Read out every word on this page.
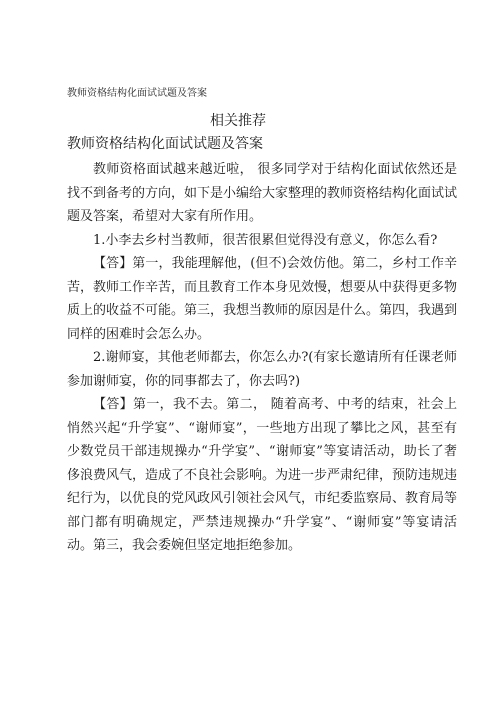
教师资格结构化面试试题及答案
相关推荐
教师资格结构化面试试题及答案

教师资格面试越来越近啦， 很多同学对于结构化面试依然还是找不到备考的方向，如下是小编给大家整理的教师资格结构化面试试题及答案，希望对大家有所作用。

1.小李去乡村当教师，很苦很累但觉得没有意义，你怎么看?

【答】第一，我能理解他，(但不)会效仿他。第二，乡村工作辛苦，教师工作辛苦，而且教育工作本身见效慢，想要从中获得更多物质上的收益不可能。第三，我想当教师的原因是什么。第四，我遇到同样的困难时会怎么办。

2.谢师宴，其他老师都去，你怎么办?(有家长邀请所有任课老师参加谢师宴，你的同事都去了，你去吗?)

【答】第一，我不去。第二， 随着高考、中考的结束，社会上悄然兴起“升学宴”、“谢师宴”，一些地方出现了攀比之风，甚至有少数党员干部违规操办“升学宴”、“谢师宴”等宴请活动，助长了奢侈浪费风气，造成了不良社会影响。为进一步严肃纪律，预防违规违纪行为，以优良的党风政风引领社会风气，市纪委监察局、教育局等部门都有明确规定，严禁违规操办“升学宴”、“谢师宴”等宴请活动。第三，我会委婉但坚定地拒绝参加。
